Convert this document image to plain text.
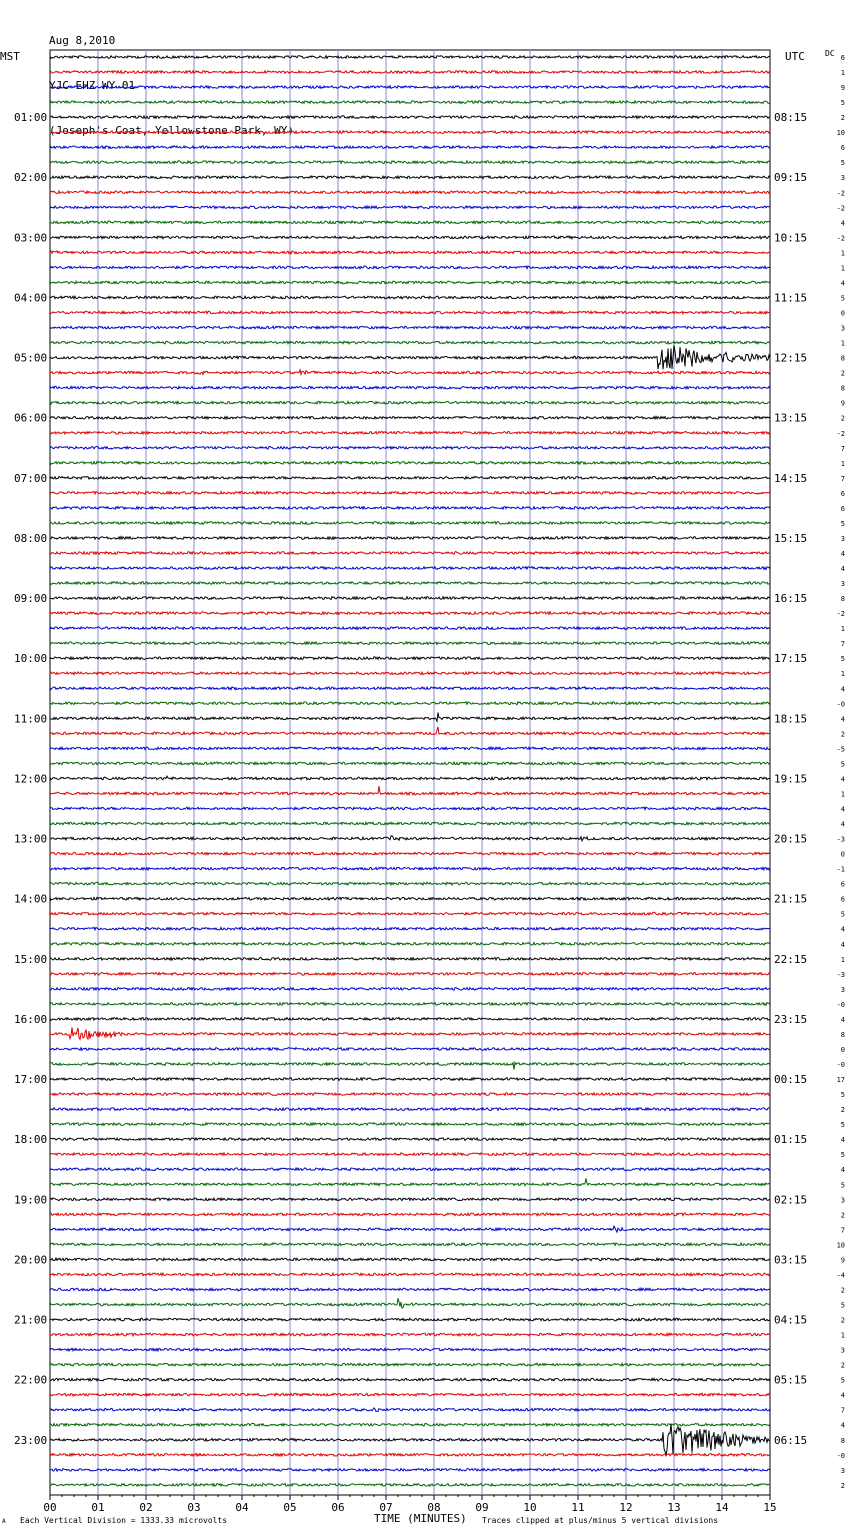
Aug 8,2010

YJC EHZ WY 01

(Joseph's Coat, Yellowstone Park, WY)

MST	UTC	DC
01:00	08:15
02:00	09:15
03:00	10:15
04:00	11:15
05:00	12:15
06:00	13:15
07:00	14:15
08:00	15:15
09:00	16:15
10:00	17:15
11:00	18:15
12:00	19:15
13:00	20:15
14:00	21:15
15:00	22:15
16:00	23:15
17:00	00:15
18:00	01:15
19:00	02:15
20:00	03:15
21:00	04:15
22:00	05:15
23:00	06:15
6
1
9
5
2
10
6
5
3
-2
-2
4
-2
1
1
4
5
0
3
1
8
2
8
9
2
-2
7
1
7
6
6
5
3
4
4
3
8
-2
1
7
5
1
4
-0
4
2
-5
5
4
1
4
4
-3
0
-1
6
6
5
4
4
1
-3
3
-0
4
8
0
-0
17
5
2
5
4
5
4
5
3
2
7
10
9
-4
2
5
2
1
3
2
5
4
7
4
8
-0
3
2
00	01	02	03	04	05	06	07	08	09	10	11	12	13	14	15
TIME (MINUTES)
Each Vertical Division = 1333.33 microvolts	Traces clipped at plus/minus 5 vertical divisions
A
